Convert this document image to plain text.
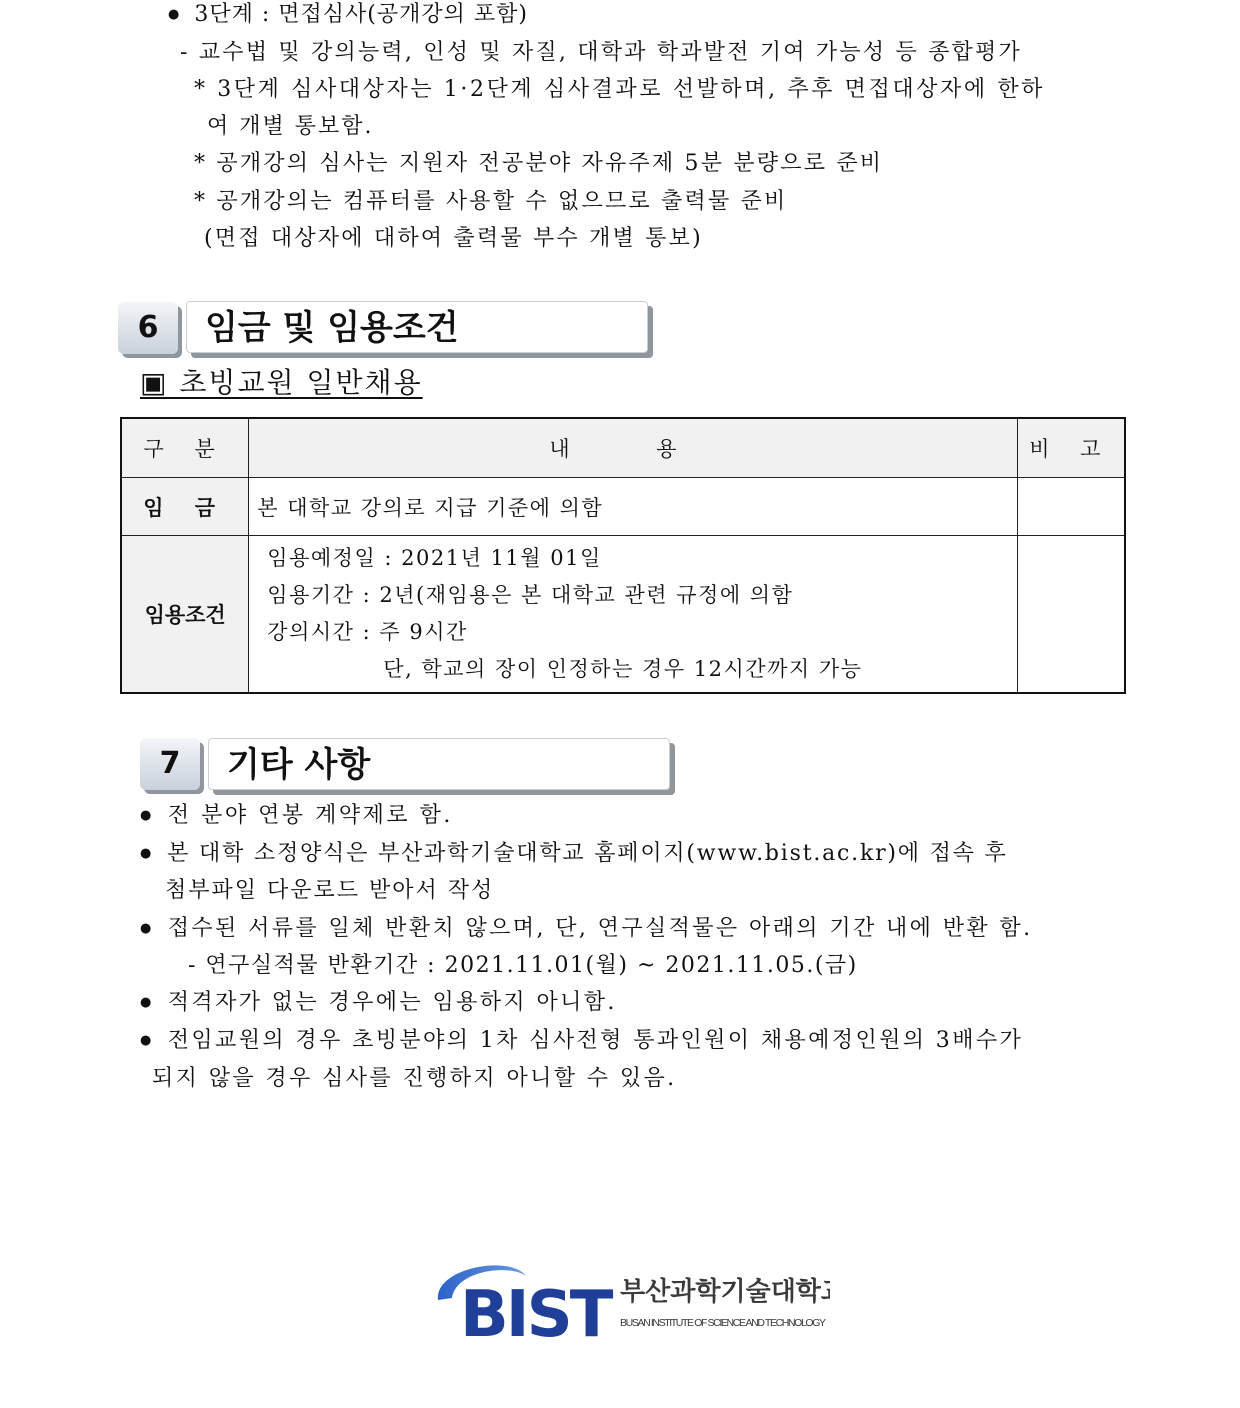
● 3단계 : 면접심사(공개강의 포함)
- 교수법 및 강의능력, 인성 및 자질, 대학과 학과발전 기여 가능성 등 종합평가
* 3단계 심사대상자는 1·2단계 심사결과로 선발하며, 추후 면접대상자에 한하
여 개별 통보함.
* 공개강의 심사는 지원자 전공분야 자유주제 5분 분량으로 준비
* 공개강의는 컴퓨터를 사용할 수 없으므로 출력물 준비
(면접 대상자에 대하여 출력물 부수 개별 통보)
6	임금 및 임용조건
▣ 초빙교원 일반채용
구 분	내 용	비 고
임 금	본 대학교 강의로 지급 기준에 의함	
임용조건	임용예정일 : 2021년 11월 01일
임용기간 : 2년(재임용은 본 대학교 관련 규정에 의함
강의시간 : 주 9시간
단, 학교의 장이 인정하는 경우 12시간까지 가능	

7	기타 사항
● 전 분야 연봉 계약제로 함.
● 본 대학 소정양식은 부산과학기술대학교 홈페이지(www.bist.ac.kr)에 접속 후
첨부파일 다운로드 받아서 작성
● 접수된 서류를 일체 반환치 않으며, 단, 연구실적물은 아래의 기간 내에 반환 함.
- 연구실적물 반환기간 : 2021.11.01(월) ~ 2021.11.05.(금)
● 적격자가 없는 경우에는 임용하지 아니함.
● 전임교원의 경우 초빙분야의 1차 심사전형 통과인원이 채용예정인원의 3배수가
되지 않을 경우 심사를 진행하지 아니할 수 있음.
BIST 부산과학기술대학교
BUSAN INSTITUTE OF SCIENCE AND TECHNOLOGY
